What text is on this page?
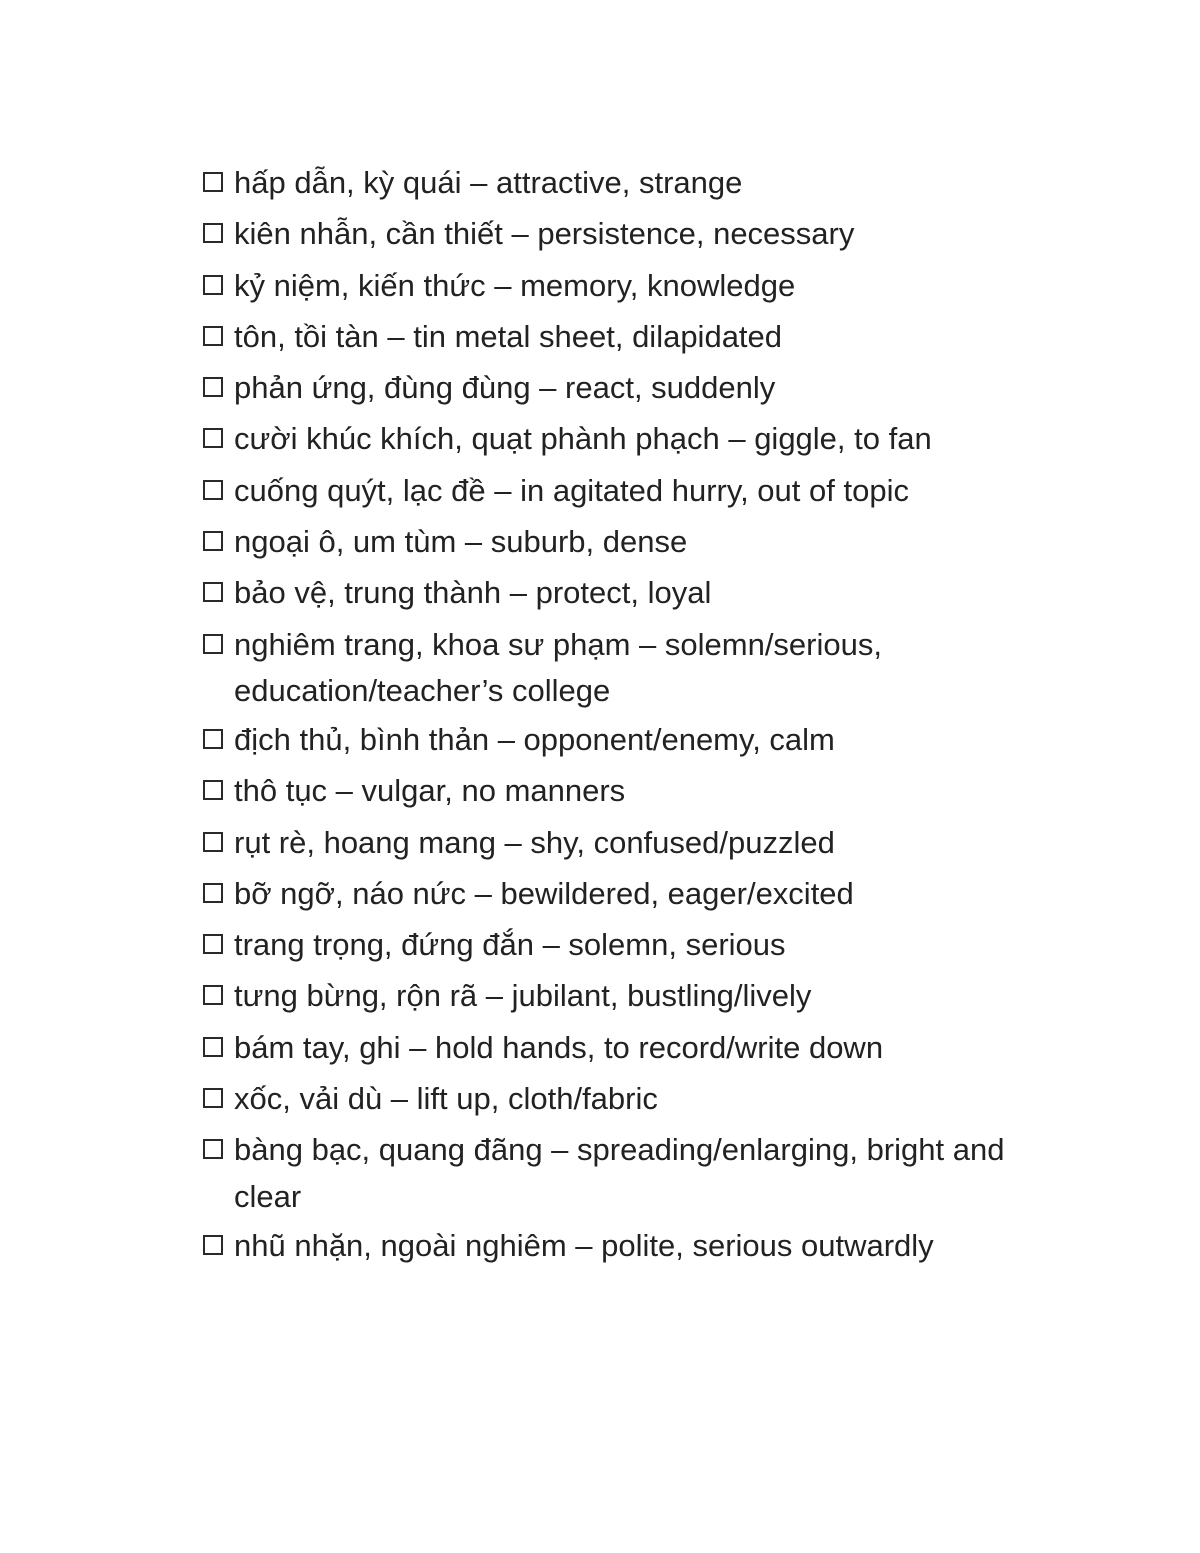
hấp dẫn, kỳ quái – attractive, strange
kiên nhẫn, cần thiết – persistence, necessary
kỷ niệm, kiến thức – memory, knowledge
tôn, tồi tàn – tin metal sheet, dilapidated
phản ứng, đùng đùng – react, suddenly
cười khúc khích, quạt phành phạch – giggle, to fan
cuống quýt, lạc đề – in agitated hurry, out of topic
ngoại ô, um tùm – suburb, dense
bảo vệ, trung thành – protect, loyal
nghiêm trang, khoa sư phạm – solemn/serious, education/teacher’s college
địch thủ, bình thản – opponent/enemy, calm
thô tục – vulgar, no manners
rụt rè, hoang mang – shy, confused/puzzled
bỡ ngỡ, náo nức – bewildered, eager/excited
trang trọng, đứng đắn – solemn, serious
tưng bừng, rộn rã – jubilant, bustling/lively
bám tay, ghi – hold hands, to record/write down
xốc, vải dù – lift up, cloth/fabric
bàng bạc, quang đãng – spreading/enlarging, bright and clear
nhũ nhặn, ngoài nghiêm – polite, serious outwardly
